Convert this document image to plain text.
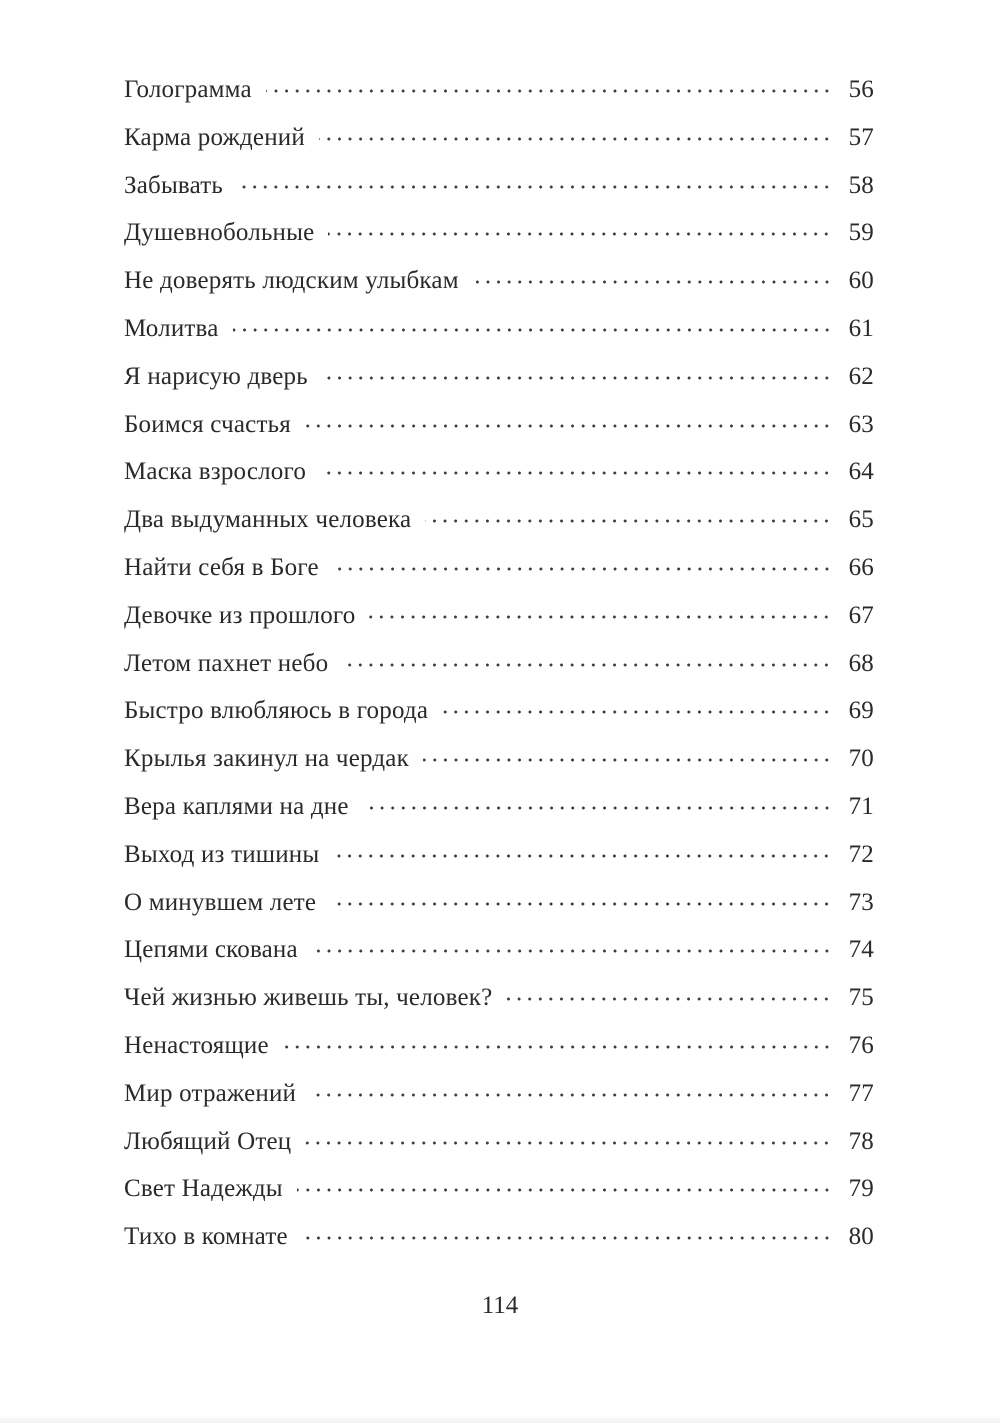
Голограмма	56
Карма рождений	57
Забывать	58
Душевнобольные	59
Не доверять людским улыбкам	60
Молитва	61
Я нарисую дверь	62
Боимся счастья	63
Маска взрослого	64
Два выдуманных человека	65
Найти себя в Боге	66
Девочке из прошлого	67
Летом пахнет небо	68
Быстро влюбляюсь в города	69
Крылья закинул на чердак	70
Вера каплями на дне	71
Выход из тишины	72
О минувшем лете	73
Цепями скована	74
Чей жизнью живешь ты, человек?	75
Ненастоящие	76
Мир отражений	77
Любящий Отец	78
Свет Надежды	79
Тихо в комнате	80
114
